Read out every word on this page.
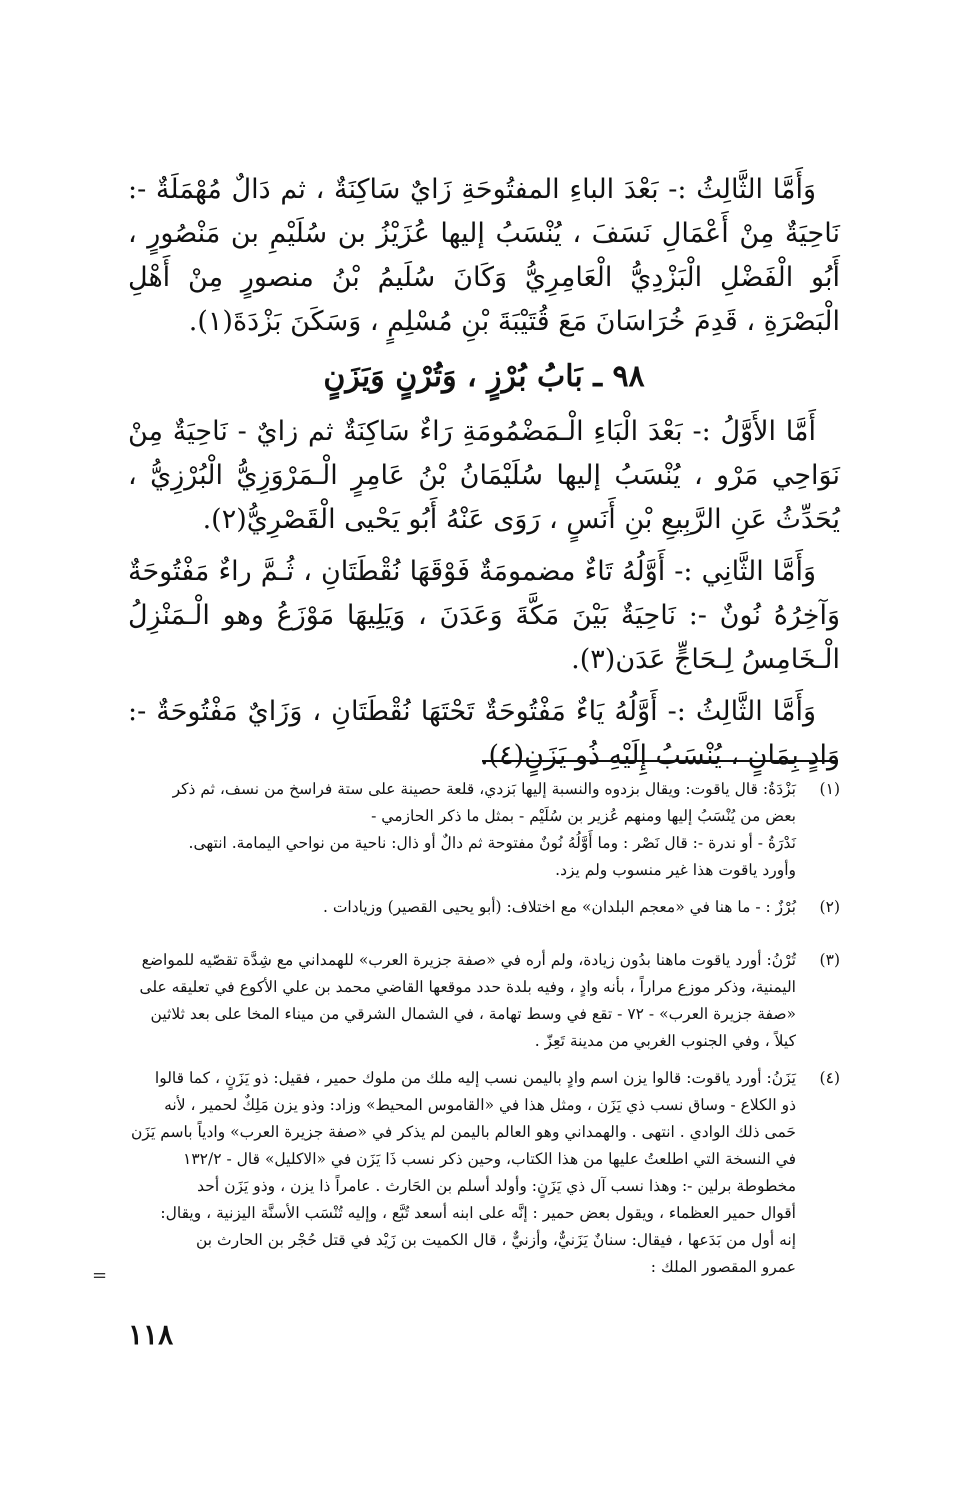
وَأَمَّا الثَّالِثُ :- بَعْدَ الباءِ المفتُوحَةِ زَايٌ سَاكِنَةٌ ، ثم دَالٌ مُهْمَلَةٌ -: نَاحِيَةٌ مِنْ أَعْمَالِ نَسَفَ ، يُنْسَبُ إليها عُزَيْزُ بن سُلَيْمِ بن مَنْصُورٍ ، أَبُو الْفَضْلِ الْبَزْدِيُّ الْعَامِرِيُّ وَكَانَ سُلَيمُ بْنُ منصورٍ مِنْ أَهْلِ الْبَصْرَةِ ، قَدِمَ خُرَاسَانَ مَعَ قُتَيْبَةَ بْنِ مُسْلِمٍ ، وَسَكَنَ بَزْدَةَ(١).

٩٨ ـ بَابُ بُرْزٍ ، وَتُرْنٍ وَيَزَنٍ

أَمَّا الأَوَّلُ :- بَعْدَ الْبَاءِ الْـمَضْمُومَةِ رَاءٌ سَاكِنَةٌ ثم زايٌ - نَاحِيَةٌ مِنْ نَوَاحِي مَرْو ، يُنْسَبُ إليها سُلَيْمَانُ بْنُ عَامِرٍ الْـمَرْوَزِيُّ الْبُرْزِيُّ ، يُحَدِّثُ عَنِ الرَّبِيعِ بْنِ أَنَسٍ ، رَوَى عَنْهُ أَبُو يَحْيى الْقَصْرِيُّ(٢).

وَأَمَّا الثَّانِي :- أَوَّلُهُ تَاءٌ مضمومَةٌ فَوْقَهَا نُقْطَتَانِ ، ثُـمَّ راءٌ مَفْتُوحَةٌ وَآخِرُهُ نُونٌ -: نَاحِيَةٌ بَيْنَ مَكَّةَ وَعَدَنَ ، وَيَلِيهَا مَوْزَعُ وهو الْـمَنْزِلُ الْـخَامِسُ لِـحَاجٍّ عَدَن(٣).

وَأَمَّا الثَّالِثُ :- أَوَّلُهُ يَاءٌ مَفْتُوحَةٌ تَحْتَهَا نُقْطَتَانِ ، وَزَايٌ مَفْتُوحَةٌ -: وَادٍ بِمَانٍ ، يُنْسَبُ إِلَيْهِ ذُو يَزَنٍ(٤).

(١)
بَزْدَةُ: قال ياقوت: ويقال بزدوه والنسبة إليها بَزدي، قلعة حصينة على ستة فراسخ من نسف، ثم ذكر
بعض من يُنْسَبُ إليها ومنهم عُزير بن سُلَيْم - بمثل ما ذكر الحازمي -
نَدْرَةُ - أو ندرة -: قال نَصْر : وما أَوَّلُهُ نُونٌ مفتوحة ثم دالٌ أو ذال: ناحية من نواحي اليمامة. انتهى.
وأورد ياقوت هذا غير منسوب ولم يزد.
(٢)
بُرْزٌ : - ما هنا في «معجم البلدان» مع اختلاف: (أبو يحيى القصير) وزيادات .
(٣)
تُرْنُ: أورد ياقوت ماهنا بدُون زيادة، ولم أره في «صفة جزيرة العرب» للهمداني مع شِدَّة تقصّيه للمواضع
اليمنية، وذكر موزع مراراً ، بأنه وادٍ ، وفيه بلدة حدد موقعها القاضي محمد بن علي الأكوع في تعليقه على
«صفة جزيرة العرب» - ٧٢ - تقع في وسط تهامة ، في الشمال الشرقي من ميناء المخا على بعد ثلاثين
كيلاً ، وفي الجنوب الغربي من مدينة تَعِزّ .
(٤)
يَزَنُ: أورد ياقوت: قالوا يزن اسم وادٍ باليمن نسب إليه ملك من ملوك حمير ، فقيل: ذو يَزَنٍ ، كما قالوا
ذو الكلاع - وساق نسب ذي يَزَن ، ومثل هذا في «القاموس المحيط» وزاد: وذو يزن مَلِكٌ لحمير ، لأنه
حَمى ذلك الوادي . انتهى . والهمداني وهو العالم باليمن لم يذكر في «صفة جزيرة العرب» وادياً باسم يَزَن
في النسخة التي اطلعتُ عليها من هذا الكتاب، وحين ذكر نسب ذَا يَزَن في «الاكليل» قال - ١٣٢/٢
مخطوطة برلين -: وهذا نسب آل ذي يَزَنٍ: وأولد أسلم بن الحَارث . عامراً ذا يزن ، وذو يَزَن أحد
أقوال حمير العظماء ، ويقول بعض حمير : إنَّه على ابنه أسعد تُبَّع ، وإليه تُنْسَب الأسنَّة اليزنية ، ويقال:
إنه أول من بَدَعها ، فيقال: سنانٌ يَزَنيٌّ، وأزنيٌّ ، قال الكميت بن زَيْد في قتل حُجْر بن الحارث بن
عمرو المقصور الملك :
=
١١٨
